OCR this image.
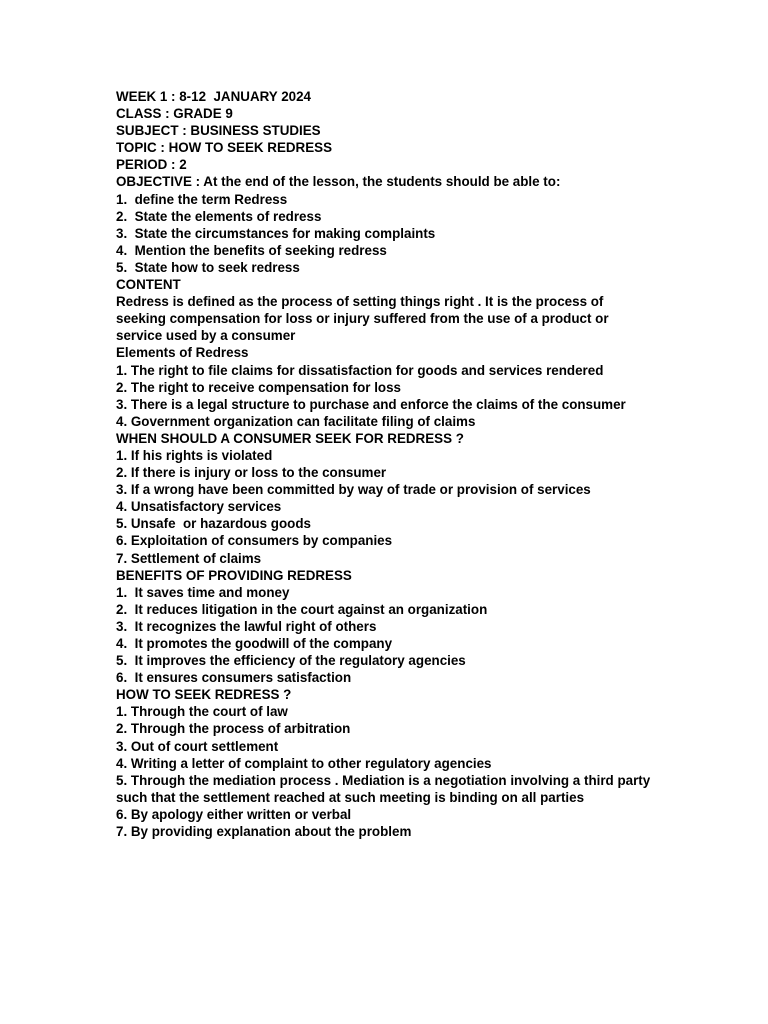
WEEK 1 : 8-12  JANUARY 2024
CLASS : GRADE 9
SUBJECT : BUSINESS STUDIES
TOPIC : HOW TO SEEK REDRESS
PERIOD : 2
OBJECTIVE : At the end of the lesson, the students should be able to:
1.  define the term Redress
2.  State the elements of redress
3.  State the circumstances for making complaints
4.  Mention the benefits of seeking redress
5.  State how to seek redress
CONTENT
Redress is defined as the process of setting things right . It is the process of seeking compensation for loss or injury suffered from the use of a product or service used by a consumer
Elements of Redress
1. The right to file claims for dissatisfaction for goods and services rendered
2. The right to receive compensation for loss
3. There is a legal structure to purchase and enforce the claims of the consumer
4. Government organization can facilitate filing of claims
WHEN SHOULD A CONSUMER SEEK FOR REDRESS ?
1. If his rights is violated
2. If there is injury or loss to the consumer
3. If a wrong have been committed by way of trade or provision of services
4. Unsatisfactory services
5. Unsafe  or hazardous goods
6. Exploitation of consumers by companies
7. Settlement of claims
BENEFITS OF PROVIDING REDRESS
1.  It saves time and money
2.  It reduces litigation in the court against an organization
3.  It recognizes the lawful right of others
4.  It promotes the goodwill of the company
5.  It improves the efficiency of the regulatory agencies
6.  It ensures consumers satisfaction
HOW TO SEEK REDRESS ?
1. Through the court of law
2. Through the process of arbitration
3. Out of court settlement
4. Writing a letter of complaint to other regulatory agencies
5. Through the mediation process . Mediation is a negotiation involving a third party such that the settlement reached at such meeting is binding on all parties
6. By apology either written or verbal
7. By providing explanation about the problem
